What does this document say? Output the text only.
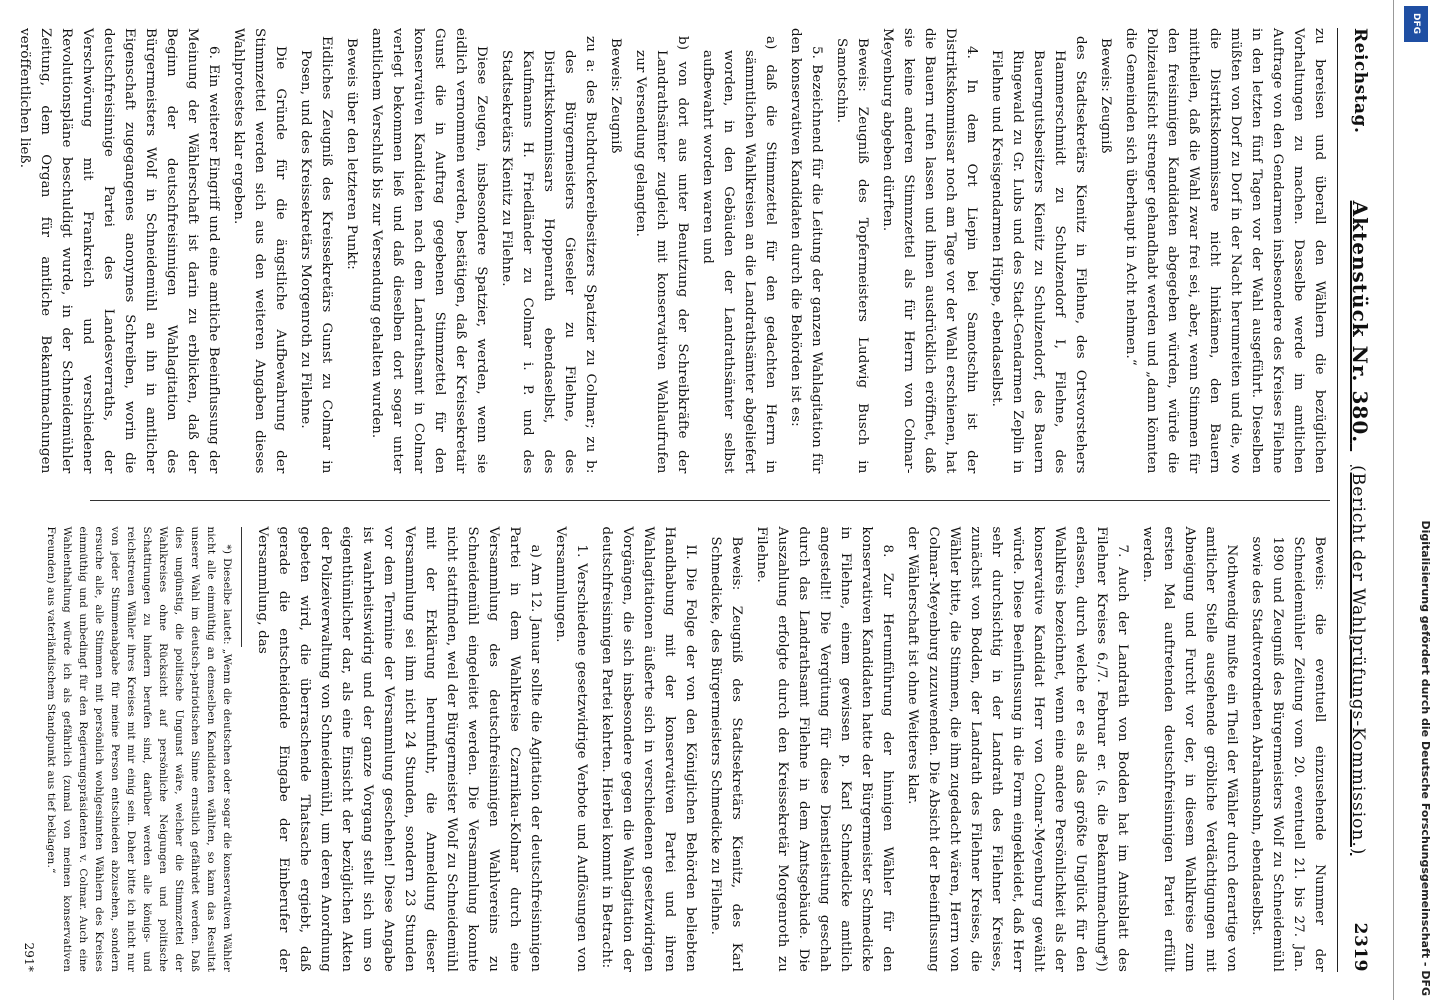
Reichstag.
Aktenstück Nr. 380. (Bericht der Wahlprüfungs-Kommission.)
2319

zu bereisen und überall den Wählern die bezüglichen Vorhaltungen zu machen. Dasselbe werde im amtlichen Auftrage von den Gendarmen insbesondere des Kreises Filehne in den letzten fünf Tagen vor der Wahl ausgeführt. Dieselben müßten von Dorf zu Dorf in der Nacht herumreiten und die, wo die Distriktskommissare nicht hinkämen, den Bauern mittheilen, daß die Wahl zwar frei sei, aber, wenn Stimmen für den freisinnigen Kandidaten abgegeben würden, würde die Polizeiaufsicht strenger gehandhabt werden und „dann könnten die Gemeinden sich überhaupt in Acht nehmen.“

Beweis: Zeugniß

des Stadtsekretärs Kienitz in Filehne, des Ortsvorstehers Hammerschmidt zu Schulzendorf I, Filehne, des Bauerngutsbesitzers Kienitz zu Schulzendorf, des Bauern Ringewald zu Gr. Lubs und des Stadt-Gendarmen Zeplin in Filehne und Kreisgendarmen Hüppe, ebendaselbst.

4. In dem Ort Liepin bei Samotschin ist der Distriktskommissar noch am Tage vor der Wahl erschienen, hat die Bauern rufen lassen und ihnen ausdrücklich eröffnet, daß sie keine anderen Stimmzettel als für Herrn von Colmar-Meyenburg abgeben dürften.

Beweis: Zeugniß des Topfermeisters Ludwig Busch in Samotschin.

5. Bezeichnend für die Leitung der ganzen Wahlagitation für den konservativen Kandidaten durch die Behörden ist es:

a) daß die Stimmzettel für den gedachten Herrn in sämmtlichen Wahlkreisen an die Landrathsämter abgeliefert worden, in den Gebäuden der Landrathsämter selbst aufbewahrt worden waren und

b) von dort aus unter Benutzung der Schreibkräfte der Landrathsämter zugleich mit konservativen Wahlaufrufen zur Versendung gelangten.

Beweis: Zeugniß

zu a: des Buchdruckereibesitzers Spatzier zu Colmar; zu b: des Bürgermeisters Gieseler zu Filehne, des Distriktskommissars Hoppenrath ebendaselbst, des Kaufmanns H. Friedländer zu Colmar i. P. und des Stadtsekretärs Kienitz zu Filehne.

Diese Zeugen, insbesondere Spatzier, werden, wenn sie eidlich vernommen werden, bestätigen, daß der Kreissekretair Gunst die in Auftrag gegebenen Stimmzettel für den konservativen Kandidaten nach dem Landrathsamt in Colmar verlegt bekommen ließ und daß dieselben dort sogar unter amtlichem Verschluß bis zur Versendung gehalten wurden.

Beweis über den letzteren Punkt:

Eidliches Zeugniß des Kreissekretärs Gunst zu Colmar in Posen, und des Kreissekretärs Morgenroth zu Filehne.

Die Gründe für die ängstliche Aufbewahrung der Stimmzettel werden sich aus den weiteren Angaben dieses Wahlprotestes klar ergeben.

6. Ein weiterer Eingriff und eine amtliche Beeinflussung der Meinung der Wählerschaft ist darin zu erblicken, daß der Beginn der deutschfreisinnigen Wahlagitation des Bürgermeisters Wolf in Schneidemühl an ihn in amtlicher Eigenschaft zugegangenes anonymes Schreiben, worin die deutschfreisinnige Partei des Landesverraths, der Verschwörung mit Frankreich und verschiedener Revolutionspläne beschuldigt wurde, in der Schneidemühler Zeitung, dem Organ für amtliche Bekanntmachungen veröffentlichen ließ.

Beweis: die eventuell einzusehende Nummer der Schneidemühler Zeitung vom 20. eventuell 21. bis 27. Jan. 1890 und Zeugniß des Bürgermeisters Wolf zu Schneidemühl sowie des Stadtverordneten Abrahamsohn, ebendaselbst.

Nothwendig mußte ein Theil der Wähler durch derartige von amtlicher Stelle ausgehende gröbliche Verdächtigungen mit Abneigung und Furcht vor der, in diesem Wahlkreise zum ersten Mal auftretenden deutschfreisinnigen Partei erfüllt werden.

7. Auch der Landrath von Bodden hat im Amtsblatt des Filehner Kreises 6./7. Februar er. (s. die Bekanntmachung*)) erlassen, durch welche er es als das größte Unglück für den Wahlkreis bezeichnet, wenn eine andere Persönlichkeit als der konservative Kandidat Herr von Colmar-Meyenburg gewählt würde. Diese Beeinflussung in die Form eingekleidet, daß Herr sehr durchsichtig in der Landrath des Filehner Kreises, zunächst von Bodden, der Landrath des Filehner Kreises, die Wähler bitte, die Stimmen, die ihm zugedacht wären, Herrn von Colmar-Meyenburg zuzuwenden. Die Absicht der Beeinflussung der Wählerschaft ist ohne Weiteres klar.

8. Zur Herumführung der hinnigen Wähler für den konservativen Kandidaten hatte der Bürgermeister Schmedicke in Filehne, einem gewissen p. Karl Schmedicke amtlich angestellt! Die Vergütung für diese Dienstleistung geschah durch das Landrathsamt Filehne in dem Amtsgebäude. Die Auszahlung erfolgte durch den Kreissekretär Morgenroth zu Filehne.

Beweis: Zeugniß des Stadtsekretärs Kienitz, des Karl Schmedicke, des Bürgermeisters Schmedicke zu Filehne.

II. Die Folge der von den Königlichen Behörden beliebten Handhabung mit der konservativen Partei und ihren Wahlagitationen äußerte sich in verschiedenen gesetzwidrigen Vorgängen, die sich insbesondere gegen die Wahlagitation der deutschfreisinnigen Partei kehrten. Hierbei kommt in Betracht:

1. Verschiedene gesetzwidrige Verbote und Auflösungen von Versammlungen.

a) Am 12. Januar sollte die Agitation der deutschfreisinnigen Partei in dem Wahlkreise Czarnikau-Kolmar durch eine Versammlung des deutschfreisinnigen Wahlvereins zu Schneidemühl eingeleitet werden. Die Versammlung konnte nicht stattfinden, weil der Bürgermeister Wolf zu Schneidemühl mit der Erklärung herumfuhr, die Anmeldung dieser Versammlung sei ihm nicht 24 Stunden, sondern 23 Stunden vor dem Termine der Versammlung geschehen! Diese Angabe ist wahrheitswidrig und der ganze Vorgang stellt sich um so eigenthümlicher dar, als eine Einsicht der bezüglichen Akten der Polizeiverwaltung von Schneidemühl, um deren Anordnung gebeten wird, die überraschende Thatsache ergiebt, daß gerade die entscheidende Eingabe der Einberufer der Versammlung, das

*) Dieselbe lautet: „Wenn die deutschen oder sogar die konservativen Wähler nicht alle einmüthig an demselben Kandidaten wählten, so kann das Resultat unserer Wahl im deutsch-patriotischen Sinne ernstlich gefährdet werden. Daß dies ungünstig, die politische Ungunst wäre, welcher die Stimmzettel der Wahlkreises ohne Rücksicht auf persönliche Neigungen und politische Schattirungen zu hindern berufen sind, darüber werden alle königs- und reichstreuen Wähler ihres Kreises mit mir einig sein. Daher bitte ich nicht nur von jeder Stimmenabgabe für meine Person entschieden abzusehen, sondern ersuche alle, alle Stimmen mit persönlich wohlgesinnten Wählern des Kreises einmüthig und unbedingt für den Regierungspräsidenten v. Colmar. Auch eine Wahlenthaltung würde ich als gefährlich (zumal von meinen konservativen Freunden) aus vaterländischem Standpunkt aus tief beklagen.“

291*
DFG
Digitalisierung gefördert durch die Deutsche Forschungsgemeinschaft - DFG
